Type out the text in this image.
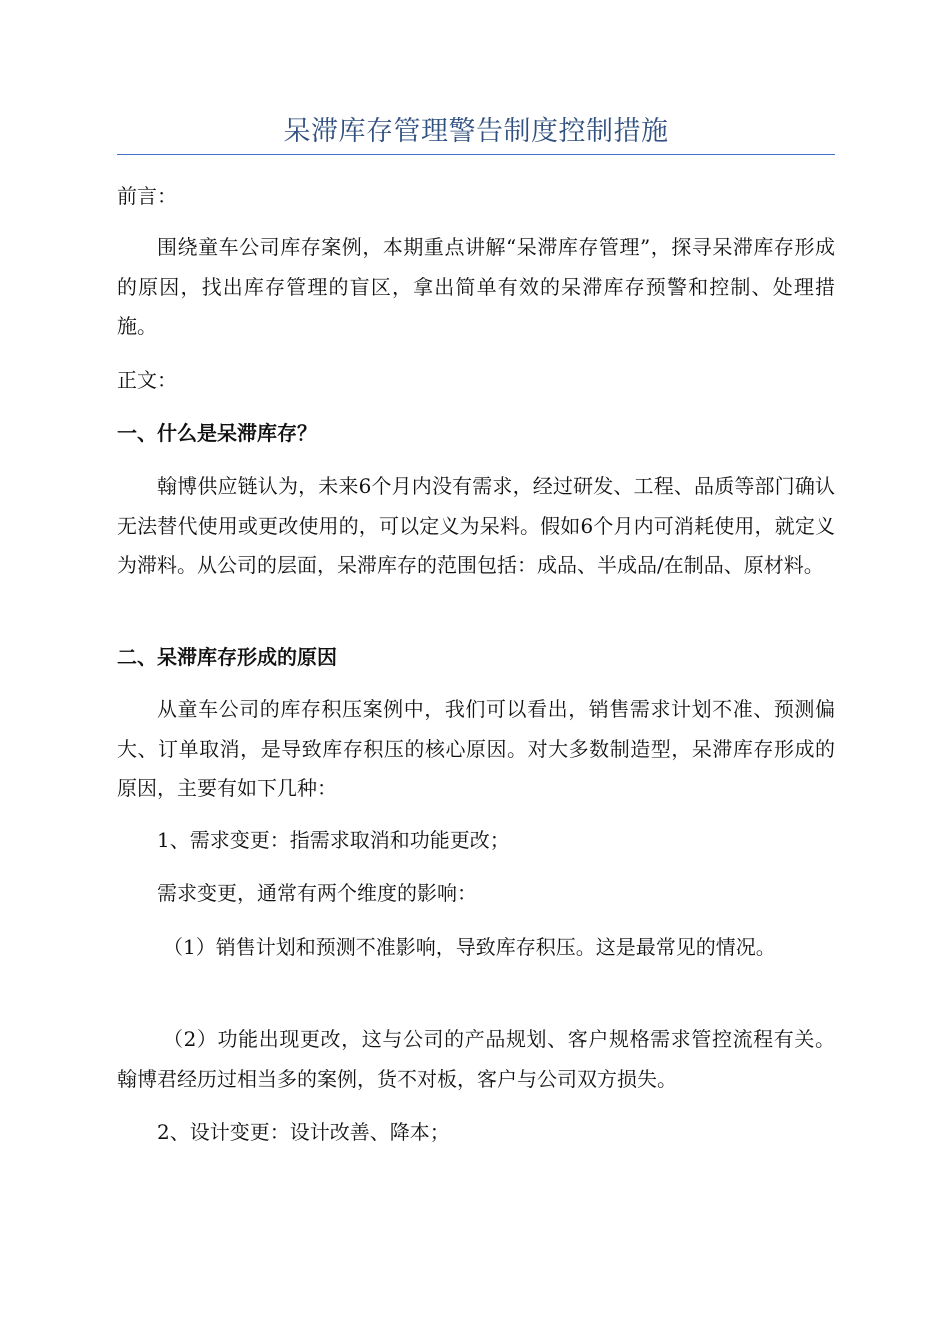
呆滞库存管理警告制度控制措施

前言：

围绕童车公司库存案例，本期重点讲解“呆滞库存管理”，探寻呆滞库存形成的原因，找出库存管理的盲区，拿出简单有效的呆滞库存预警和控制、处理措施。

正文：

一、什么是呆滞库存？

翰博供应链认为，未来6个月内没有需求，经过研发、工程、品质等部门确认无法替代使用或更改使用的，可以定义为呆料。假如6个月内可消耗使用，就定义为滞料。从公司的层面，呆滞库存的范围包括：成品、半成品/在制品、原材料。

二、呆滞库存形成的原因

从童车公司的库存积压案例中，我们可以看出，销售需求计划不准、预测偏大、订单取消，是导致库存积压的核心原因。对大多数制造型，呆滞库存形成的原因，主要有如下几种：

1、需求变更：指需求取消和功能更改；

需求变更，通常有两个维度的影响：

（1）销售计划和预测不准影响，导致库存积压。这是最常见的情况。

（2）功能出现更改，这与公司的产品规划、客户规格需求管控流程有关。翰博君经历过相当多的案例，货不对板，客户与公司双方损失。

2、设计变更：设计改善、降本；
